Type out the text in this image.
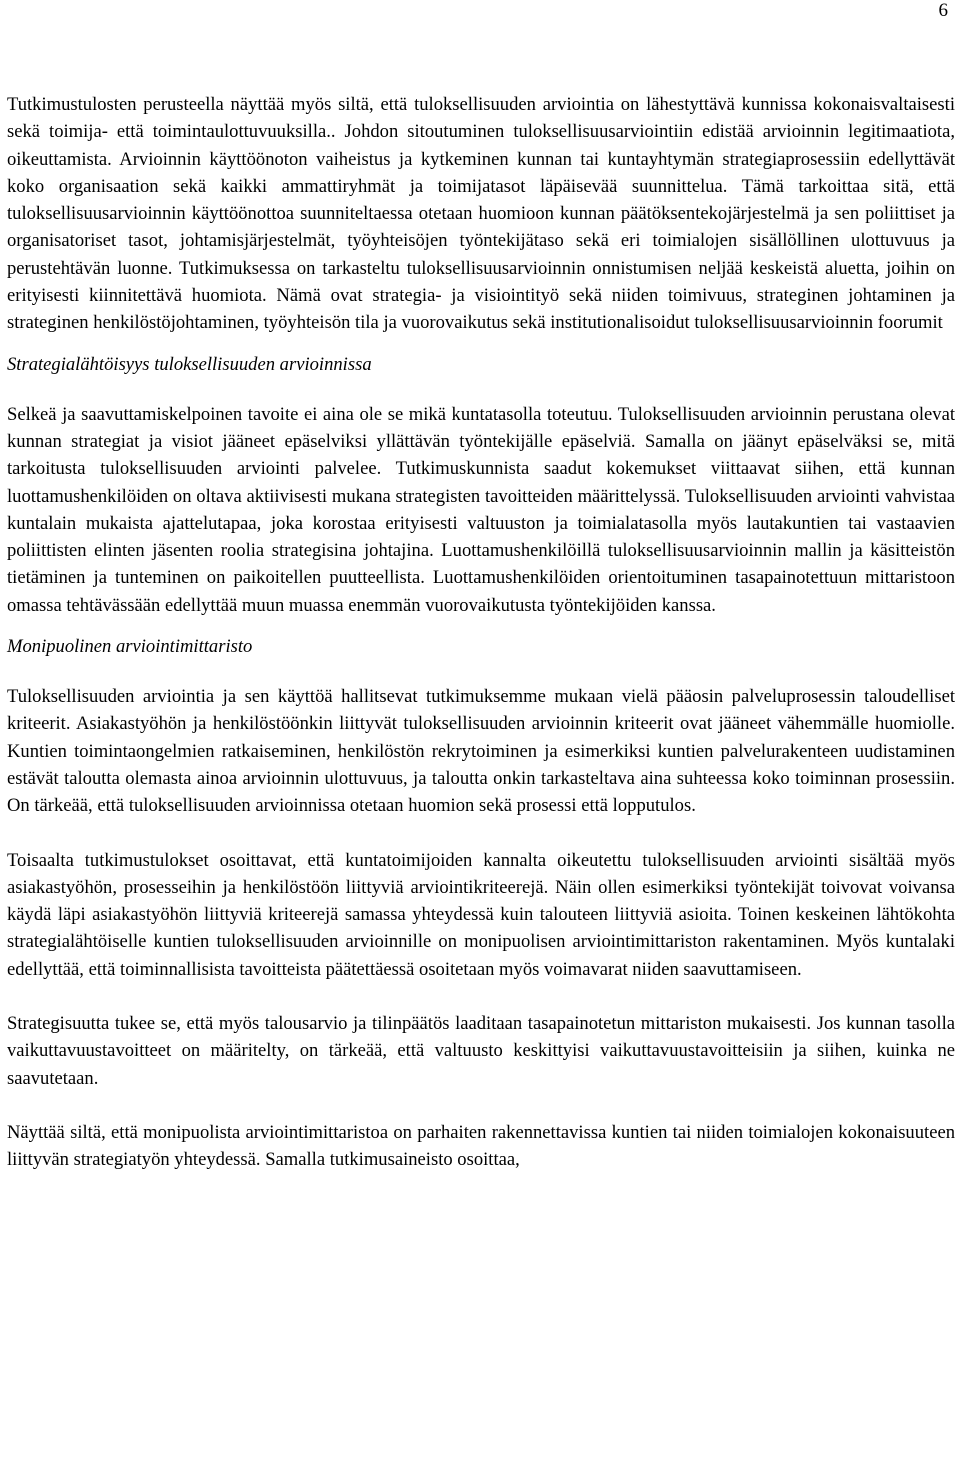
6

Tutkimustulosten perusteella näyttää myös siltä, että tuloksellisuuden arviointia on lähestyttävä kunnissa kokonaisvaltaisesti sekä toimija- että toimintaulottuvuuksilla.. Johdon sitoutuminen tuloksellisuusarviointiin edistää arvioinnin legitimaatiota, oikeuttamista. Arvioinnin käyttöönoton vaiheistus ja kytkeminen kunnan tai kuntayhtymän strategiaprosessiin edellyttävät koko organisaation sekä kaikki ammattiryhmät ja toimijatasot läpäisevää suunnittelua. Tämä tarkoittaa sitä, että tuloksellisuusarvioinnin käyttöönottoa suunniteltaessa otetaan huomioon kunnan päätöksentekojärjestelmä ja sen poliittiset ja organisatoriset tasot, johtamisjärjestelmät, työyhteisöjen työntekijätaso sekä eri toimialojen sisällöllinen ulottuvuus ja perustehtävän luonne. Tutkimuksessa on tarkasteltu tuloksellisuusarvioinnin onnistumisen neljää keskeistä aluetta, joihin on erityisesti kiinnitettävä huomiota. Nämä ovat strategia- ja visiointityö sekä niiden toimivuus, strateginen johtaminen ja strateginen henkilöstöjohtaminen, työyhteisön tila ja vuorovaikutus sekä institutionalisoidut tuloksellisuusarvioinnin foorumit

Strategialähtöisyys tuloksellisuuden arvioinnissa

Selkeä ja saavuttamiskelpoinen tavoite ei aina ole se mikä kuntatasolla toteutuu. Tuloksellisuuden arvioinnin perustana olevat kunnan strategiat ja visiot jääneet epäselviksi yllättävän työntekijälle epäselviä. Samalla on jäänyt epäselväksi se, mitä tarkoitusta tuloksellisuuden arviointi palvelee. Tutkimuskunnista saadut kokemukset viittaavat siihen, että kunnan luottamushenkilöiden on oltava aktiivisesti mukana strategisten tavoitteiden määrittelyssä. Tuloksellisuuden arviointi vahvistaa kuntalain mukaista ajattelutapaa, joka korostaa erityisesti valtuuston ja toimialatasolla myös lautakuntien tai vastaavien poliittisten elinten jäsenten roolia strategisina johtajina. Luottamushenkilöillä tuloksellisuusarvioinnin mallin ja käsitteistön tietäminen ja tunteminen on paikoitellen puutteellista. Luottamushenkilöiden orientoituminen tasapainotettuun mittaristoon omassa tehtävässään edellyttää muun muassa enemmän vuorovaikutusta työntekijöiden kanssa.

Monipuolinen arviointimittaristo

Tuloksellisuuden arviointia ja sen käyttöä hallitsevat tutkimuksemme mukaan vielä pääosin palveluprosessin taloudelliset kriteerit. Asiakastyöhön ja henkilöstöönkin liittyvät tuloksellisuuden arvioinnin kriteerit ovat jääneet vähemmälle huomiolle. Kuntien toimintaongelmien ratkaiseminen, henkilöstön rekrytoiminen ja esimerkiksi kuntien palvelurakenteen uudistaminen estävät taloutta olemasta ainoa arvioinnin ulottuvuus, ja taloutta onkin tarkasteltava aina suhteessa koko toiminnan prosessiin. On tärkeää, että tuloksellisuuden arvioinnissa otetaan huomion sekä prosessi että lopputulos.

Toisaalta tutkimustulokset osoittavat, että kuntatoimijoiden kannalta oikeutettu tuloksellisuuden arviointi sisältää myös asiakastyöhön, prosesseihin ja henkilöstöön liittyviä arviointikriteerejä. Näin ollen esimerkiksi työntekijät toivovat voivansa käydä läpi asiakastyöhön liittyviä kriteerejä samassa yhteydessä kuin talouteen liittyviä asioita. Toinen keskeinen lähtökohta strategialähtöiselle kuntien tuloksellisuuden arvioinnille on monipuolisen arviointimittariston rakentaminen. Myös kuntalaki edellyttää, että toiminnallisista tavoitteista päätettäessä osoitetaan myös voimavarat niiden saavuttamiseen.

Strategisuutta tukee se, että myös talousarvio ja tilinpäätös laaditaan tasapainotetun mittariston mukaisesti. Jos kunnan tasolla vaikuttavuustavoitteet on määritelty, on tärkeää, että valtuusto keskittyisi vaikuttavuustavoitteisiin ja siihen, kuinka ne saavutetaan.

Näyttää siltä, että monipuolista arviointimittaristoa on parhaiten rakennettavissa kuntien tai niiden toimialojen kokonaisuuteen liittyvän strategiatyön yhteydessä. Samalla tutkimusaineisto osoittaa,
